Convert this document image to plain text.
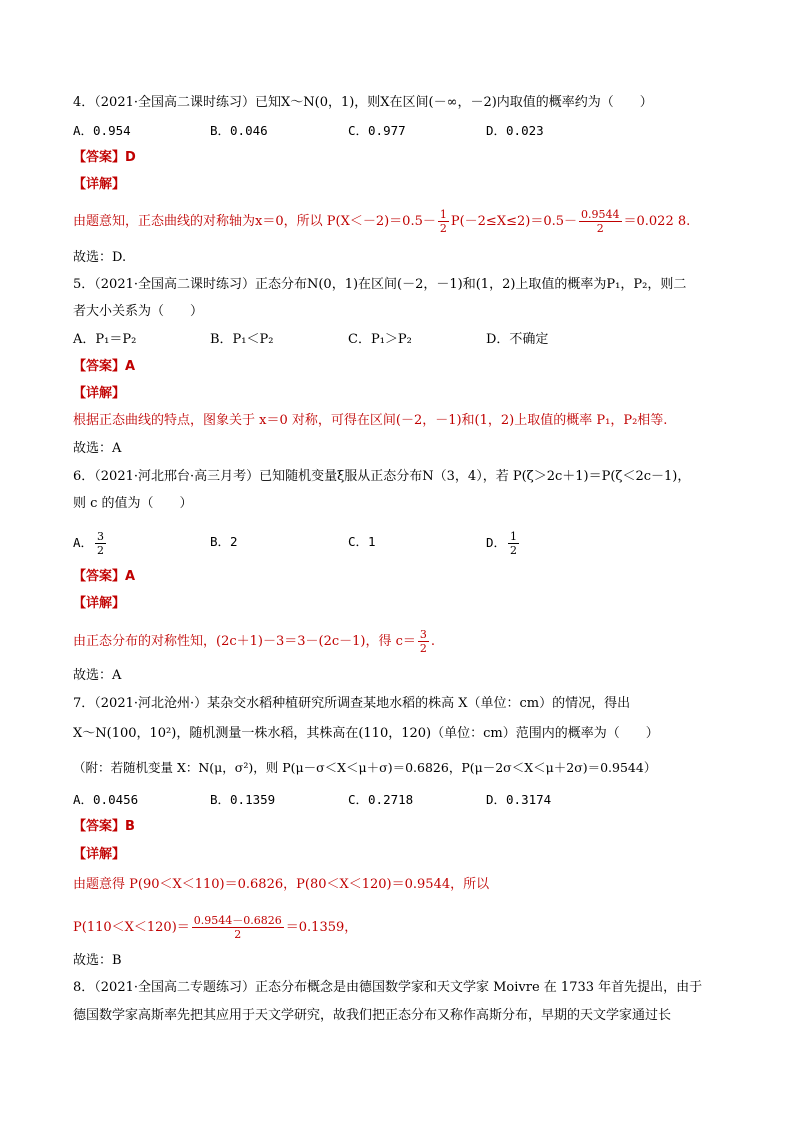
4．（2021·全国高二课时练习）已知X～N(0，1)，则X在区间(－∞，－2)内取值的概率约为（　　）
A．0.954	B．0.046	C．0.977	D．0.023
【答案】D
【详解】
由题意知，正态曲线的对称轴为x＝0，所以 $P(X<-2)=0.5- \frac{1}{2} P(-2\le X\le 2)=0.5- \frac{0.9544}{2} =0.022$ 8.
故选：D.
5．（2021·全国高二课时练习）正态分布N(0，1)在区间(－2，－1)和(1，2)上取值的概率为P₁，P₂，则二
者大小关系为（　　）
A．P₁＝P₂	B．P₁＜P₂	C．P₁＞P₂	D．不确定
【答案】A
【详解】
根据正态曲线的特点，图象关于 x＝0 对称，可得在区间(－2，－1)和(1，2)上取值的概率 P₁，P₂相等.
故选：A
6．（2021·河北邢台·高三月考）已知随机变量ξ服从正态分布N（3，4），若 P(ζ＞2c＋1)＝P(ζ＜2c－1)，
则 c 的值为（　　）
A． $\frac{3}{2}$	B．2	C．1	D． $\frac{1}{2}$
【答案】A
【详解】
由正态分布的对称性知，(2c＋1)－3＝3－(2c－1)，得 $c= \frac{3}{2}$ .
故选：A
7．（2021·河北沧州·）某杂交水稻种植研究所调查某地水稻的株高 X（单位：cm）的情况，得出
X～N(100，10²)，随机测量一株水稻，其株高在(110，120)（单位：cm）范围内的概率为（　　）
（附：若随机变量 X：N(μ，σ²)，则 P(μ－σ＜X＜μ＋σ)＝0.6826，P(μ－2σ＜X＜μ＋2σ)＝0.9544）
A．0.0456	B．0.1359	C．0.2718	D．0.3174
【答案】B
【详解】
由题意得 P(90＜X＜110)＝0.6826，P(80＜X＜120)＝0.9544，所以
$P(110<X<120)= \frac{0.9544-0.6826}{2} =0.1359$，
故选：B
8．（2021·全国高二专题练习）正态分布概念是由德国数学家和天文学家 Moivre 在 1733 年首先提出，由于
德国数学家高斯率先把其应用于天文学研究，故我们把正态分布又称作高斯分布，早期的天文学家通过长
